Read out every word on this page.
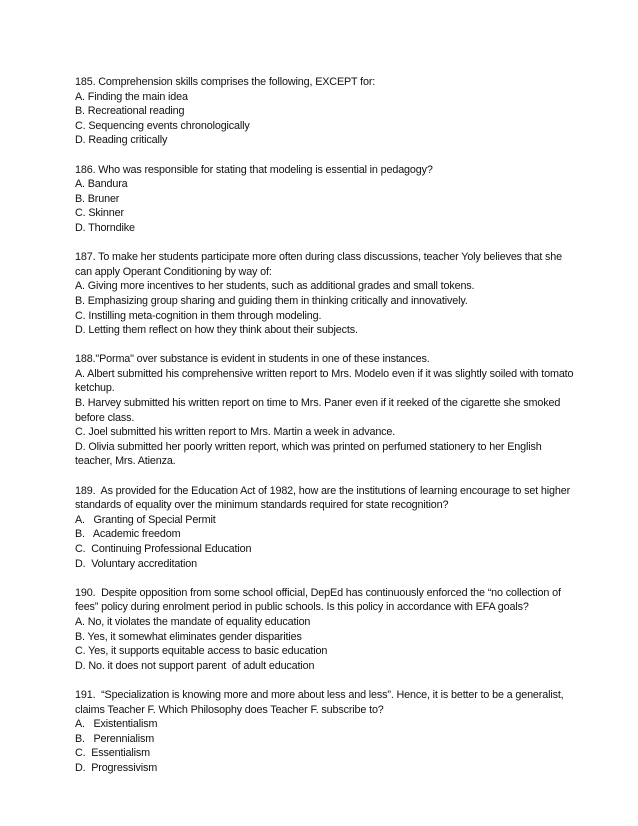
185. Comprehension skills comprises the following, EXCEPT for:
A. Finding the main idea
B. Recreational reading
C. Sequencing events chronologically
D. Reading critically
186. Who was responsible for stating that modeling is essential in pedagogy?
A. Bandura
B. Bruner
C. Skinner
D. Thorndike
187. To make her students participate more often during class discussions, teacher Yoly believes that she can apply Operant Conditioning by way of:
A. Giving more incentives to her students, such as additional grades and small tokens.
B. Emphasizing group sharing and guiding them in thinking critically and innovatively.
C. Instilling meta-cognition in them through modeling.
D. Letting them reflect on how they think about their subjects.
188."Porma" over substance is evident in students in one of these instances.
A. Albert submitted his comprehensive written report to Mrs. Modelo even if it was slightly soiled with tomato ketchup.
B. Harvey submitted his written report on time to Mrs. Paner even if it reeked of the cigarette she smoked before class.
C. Joel submitted his written report to Mrs. Martin a week in advance.
D. Olivia submitted her poorly written report, which was printed on perfumed stationery to her English teacher, Mrs. Atienza.
189.  As provided for the Education Act of 1982, how are the institutions of learning encourage to set higher standards of equality over the minimum standards required for state recognition?
A.   Granting of Special Permit
B.   Academic freedom
C.  Continuing Professional Education
D.  Voluntary accreditation
190.  Despite opposition from some school official, DepEd has continuously enforced the “no collection of fees” policy during enrolment period in public schools. Is this policy in accordance with EFA goals?
A. No, it violates the mandate of equality education
B. Yes, it somewhat eliminates gender disparities
C. Yes, it supports equitable access to basic education
D. No. it does not support parent  of adult education
191.  “Specialization is knowing more and more about less and less”. Hence, it is better to be a generalist, claims Teacher F. Which Philosophy does Teacher F. subscribe to?
A.   Existentialism
B.   Perennialism
C.  Essentialism
D.  Progressivism
